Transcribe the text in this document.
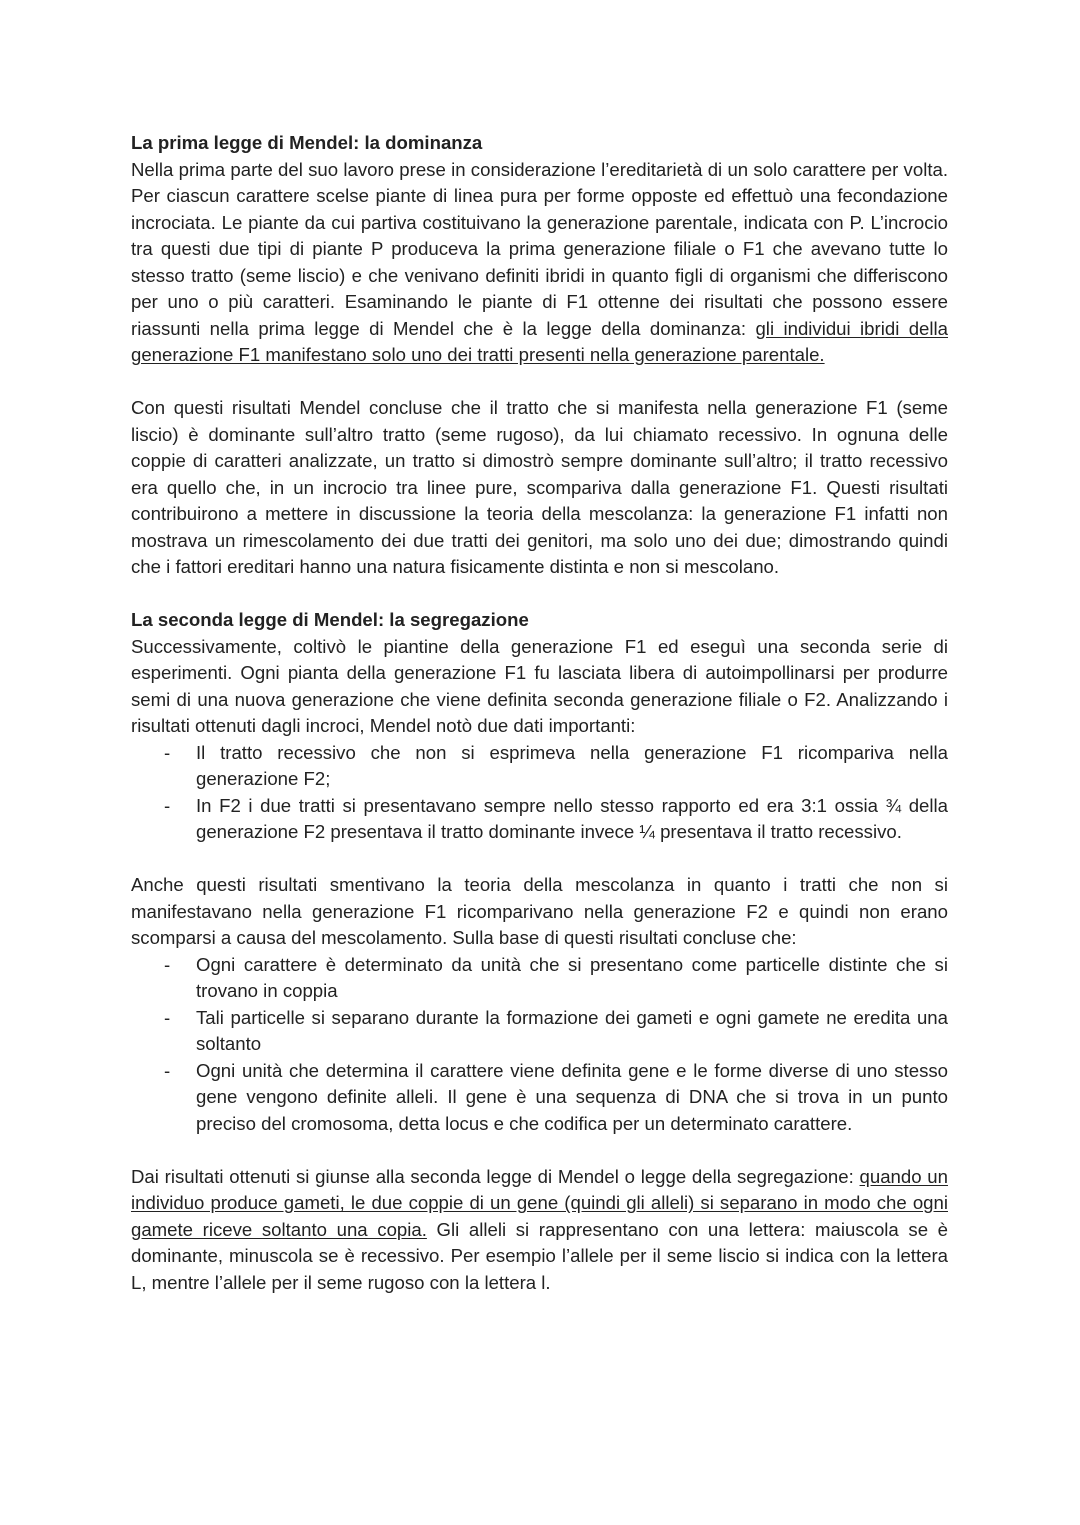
La prima legge di Mendel: la dominanza

Nella prima parte del suo lavoro prese in considerazione l’ereditarietà di un solo carattere per volta. Per ciascun carattere scelse piante di linea pura per forme opposte ed effettuò una fecondazione incrociata. Le piante da cui partiva costituivano la generazione parentale, indicata con P. L’incrocio tra questi due tipi di piante P produceva la prima generazione filiale o F1 che avevano tutte lo stesso tratto (seme liscio) e che venivano definiti ibridi in quanto figli di organismi che differiscono per uno o più caratteri. Esaminando le piante di F1 ottenne dei risultati che possono essere riassunti nella prima legge di Mendel che è la legge della dominanza: gli individui ibridi della generazione F1 manifestano solo uno dei tratti presenti nella generazione parentale.

Con questi risultati Mendel concluse che il tratto che si manifesta nella generazione F1 (seme liscio) è dominante sull’altro tratto (seme rugoso), da lui chiamato recessivo. In ognuna delle coppie di caratteri analizzate, un tratto si dimostrò sempre dominante sull’altro; il tratto recessivo era quello che, in un incrocio tra linee pure, scompariva dalla generazione F1. Questi risultati contribuirono a mettere in discussione la teoria della mescolanza: la generazione F1 infatti non mostrava un rimescolamento dei due tratti dei genitori, ma solo uno dei due; dimostrando quindi che i fattori ereditari hanno una natura fisicamente distinta e non si mescolano.

La seconda legge di Mendel: la segregazione

Successivamente, coltivò le piantine della generazione F1 ed eseguì una seconda serie di esperimenti. Ogni pianta della generazione F1 fu lasciata libera di autoimpollinarsi per produrre semi di una nuova generazione che viene definita seconda generazione filiale o F2. Analizzando i risultati ottenuti dagli incroci, Mendel notò due dati importanti:

- Il tratto recessivo che non si esprimeva nella generazione F1 ricompariva nella generazione F2;
- In F2 i due tratti si presentavano sempre nello stesso rapporto ed era 3:1 ossia ¾ della generazione F2 presentava il tratto dominante invece ¼ presentava il tratto recessivo.

Anche questi risultati smentivano la teoria della mescolanza in quanto i tratti che non si manifestavano nella generazione F1 ricomparivano nella generazione F2 e quindi non erano scomparsi a causa del mescolamento. Sulla base di questi risultati concluse che:

- Ogni carattere è determinato da unità che si presentano come particelle distinte che si trovano in coppia
- Tali particelle si separano durante la formazione dei gameti e ogni gamete ne eredita una soltanto
- Ogni unità che determina il carattere viene definita gene e le forme diverse di uno stesso gene vengono definite alleli. Il gene è una sequenza di DNA che si trova in un punto preciso del cromosoma, detta locus e che codifica per un determinato carattere.

Dai risultati ottenuti si giunse alla seconda legge di Mendel o legge della segregazione: quando un individuo produce gameti, le due coppie di un gene (quindi gli alleli) si separano in modo che ogni gamete riceve soltanto una copia. Gli alleli si rappresentano con una lettera: maiuscola se è dominante, minuscola se è recessivo. Per esempio l’allele per il seme liscio si indica con la lettera L, mentre l’allele per il seme rugoso con la lettera l.
